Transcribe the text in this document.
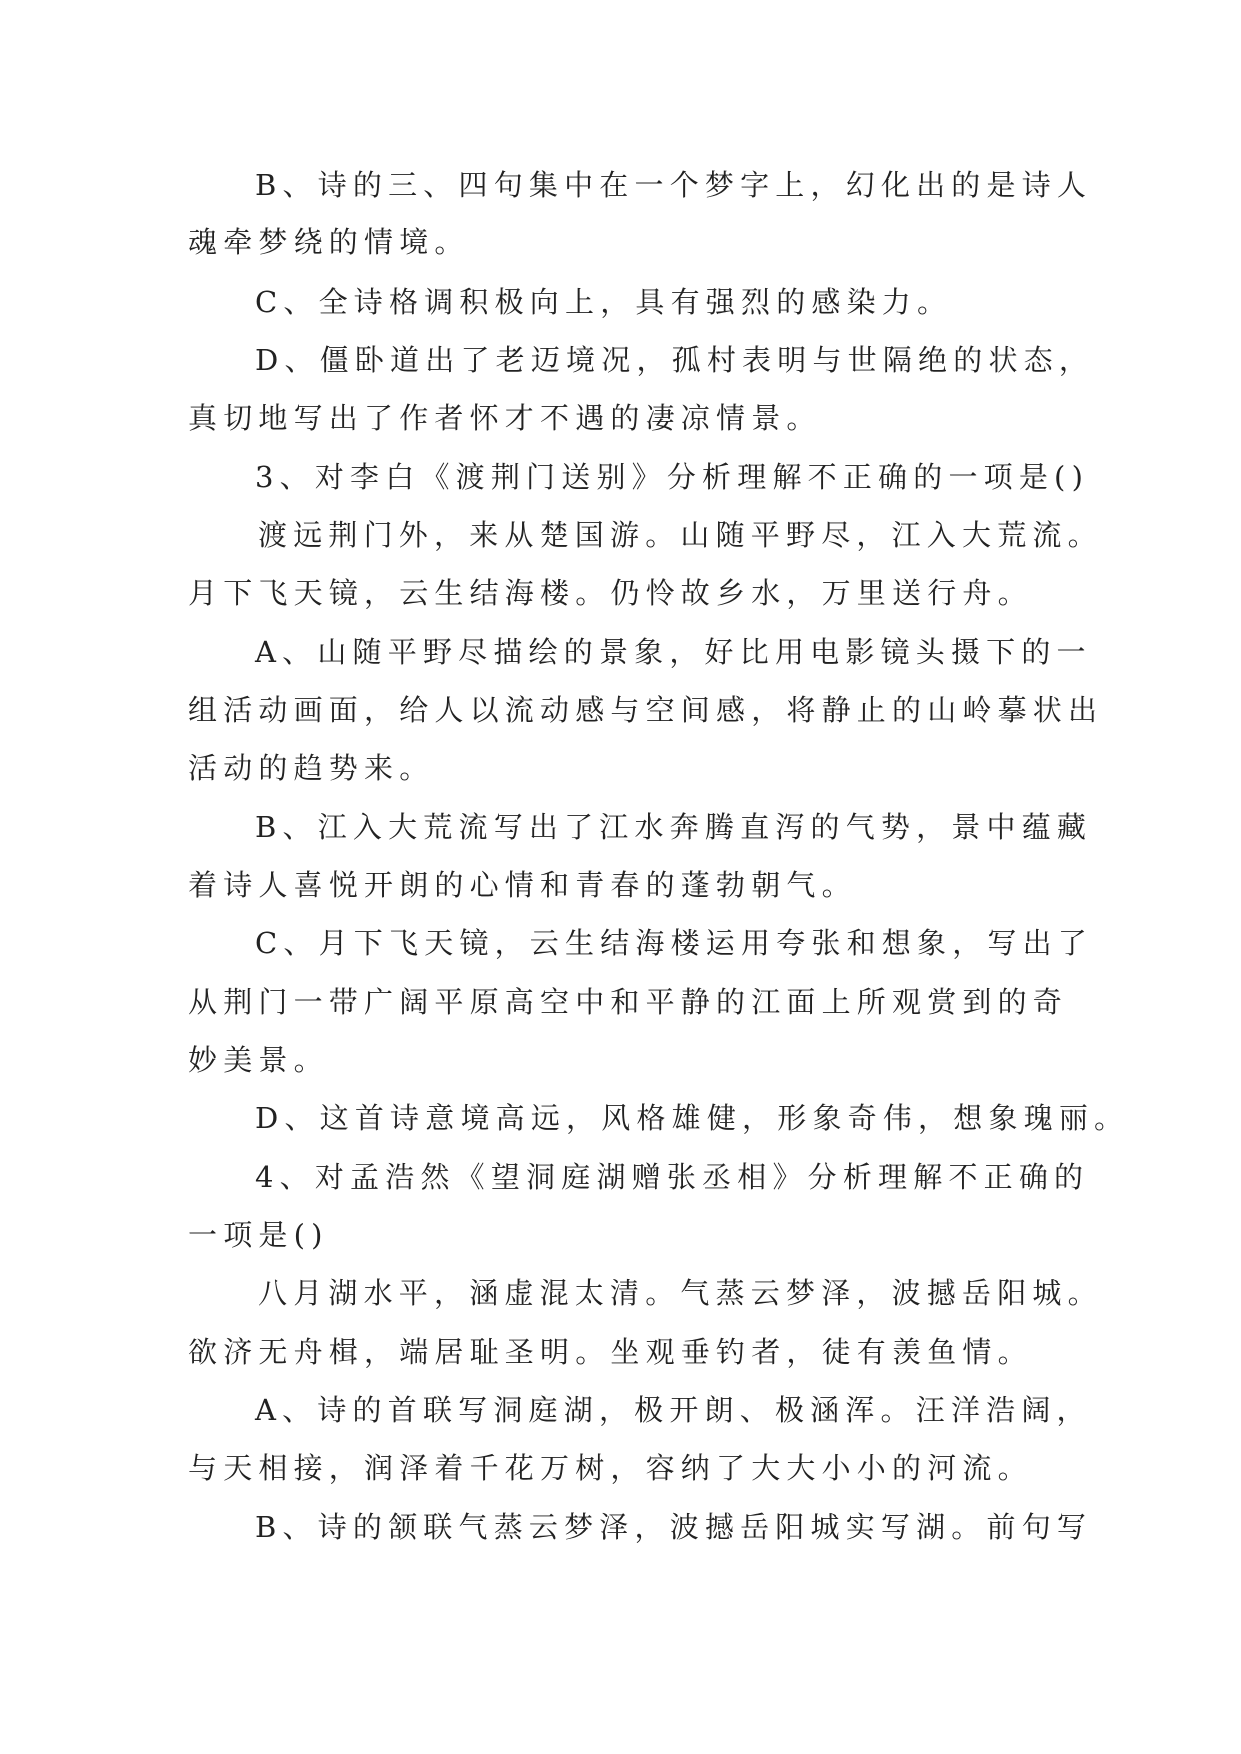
B、诗的三、四句集中在一个梦字上，幻化出的是诗人
魂牵梦绕的情境。
C、全诗格调积极向上，具有强烈的感染力。
D、僵卧道出了老迈境况，孤村表明与世隔绝的状态，
真切地写出了作者怀才不遇的凄凉情景。
3、对李白《渡荆门送别》分析理解不正确的一项是()
渡远荆门外，来从楚国游。山随平野尽，江入大荒流。
月下飞天镜，云生结海楼。仍怜故乡水，万里送行舟。
A、山随平野尽描绘的景象，好比用电影镜头摄下的一
组活动画面，给人以流动感与空间感，将静止的山岭摹状出
活动的趋势来。
B、江入大荒流写出了江水奔腾直泻的气势，景中蕴藏
着诗人喜悦开朗的心情和青春的蓬勃朝气。
C、月下飞天镜，云生结海楼运用夸张和想象，写出了
从荆门一带广阔平原高空中和平静的江面上所观赏到的奇
妙美景。
D、这首诗意境高远，风格雄健，形象奇伟，想象瑰丽。
4、对孟浩然《望洞庭湖赠张丞相》分析理解不正确的
一项是()
八月湖水平，涵虚混太清。气蒸云梦泽，波撼岳阳城。
欲济无舟楫，端居耻圣明。坐观垂钓者，徒有羡鱼情。
A、诗的首联写洞庭湖，极开朗、极涵浑。汪洋浩阔，
与天相接，润泽着千花万树，容纳了大大小小的河流。
B、诗的颔联气蒸云梦泽，波撼岳阳城实写湖。前句写
